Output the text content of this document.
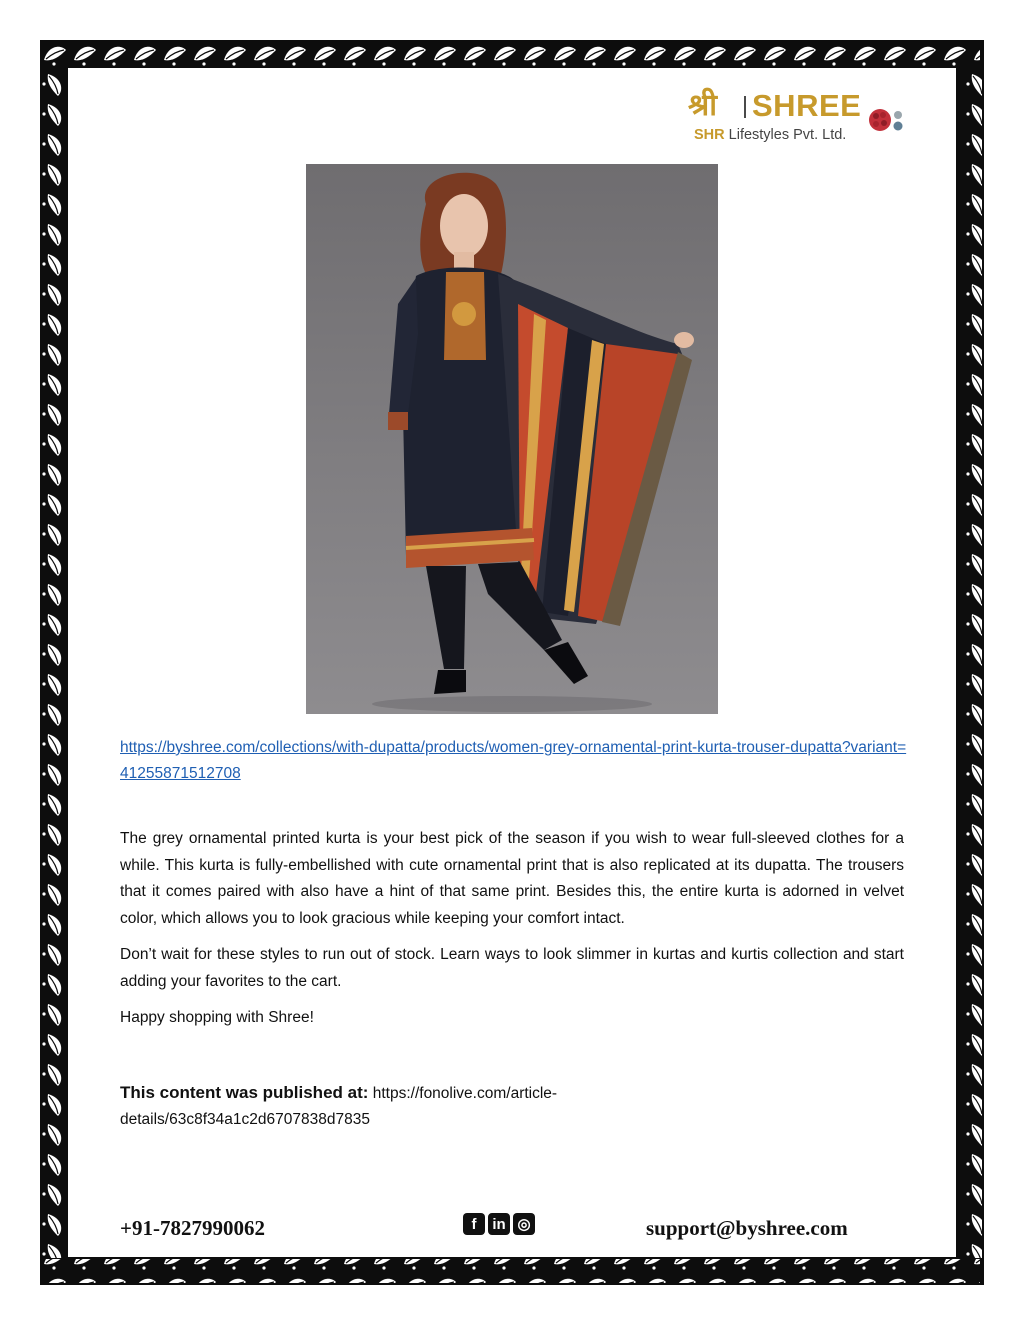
श्री SHREE
SHR Lifestyles Pvt. Ltd.

https://byshree.com/collections/with-dupatta/products/women-grey-ornamental-print-kurta-trouser-dupatta?variant=41255871512708

The grey ornamental printed kurta is your best pick of the season if you wish to wear full-sleeved clothes for a while. This kurta is fully-embellished with cute ornamental print that is also replicated at its dupatta. The trousers that it comes paired with also have a hint of that same print. Besides this, the entire kurta is adorned in velvet color, which allows you to look gracious while keeping your comfort intact.

Don’t wait for these styles to run out of stock. Learn ways to look slimmer in kurtas and kurtis collection and start adding your favorites to the cart.

Happy shopping with Shree!

This content was published at: https://fonolive.com/article-details/63c8f34a1c2d6707838d7835

+91-7827990062	f	in ◎	support@byshree.com
